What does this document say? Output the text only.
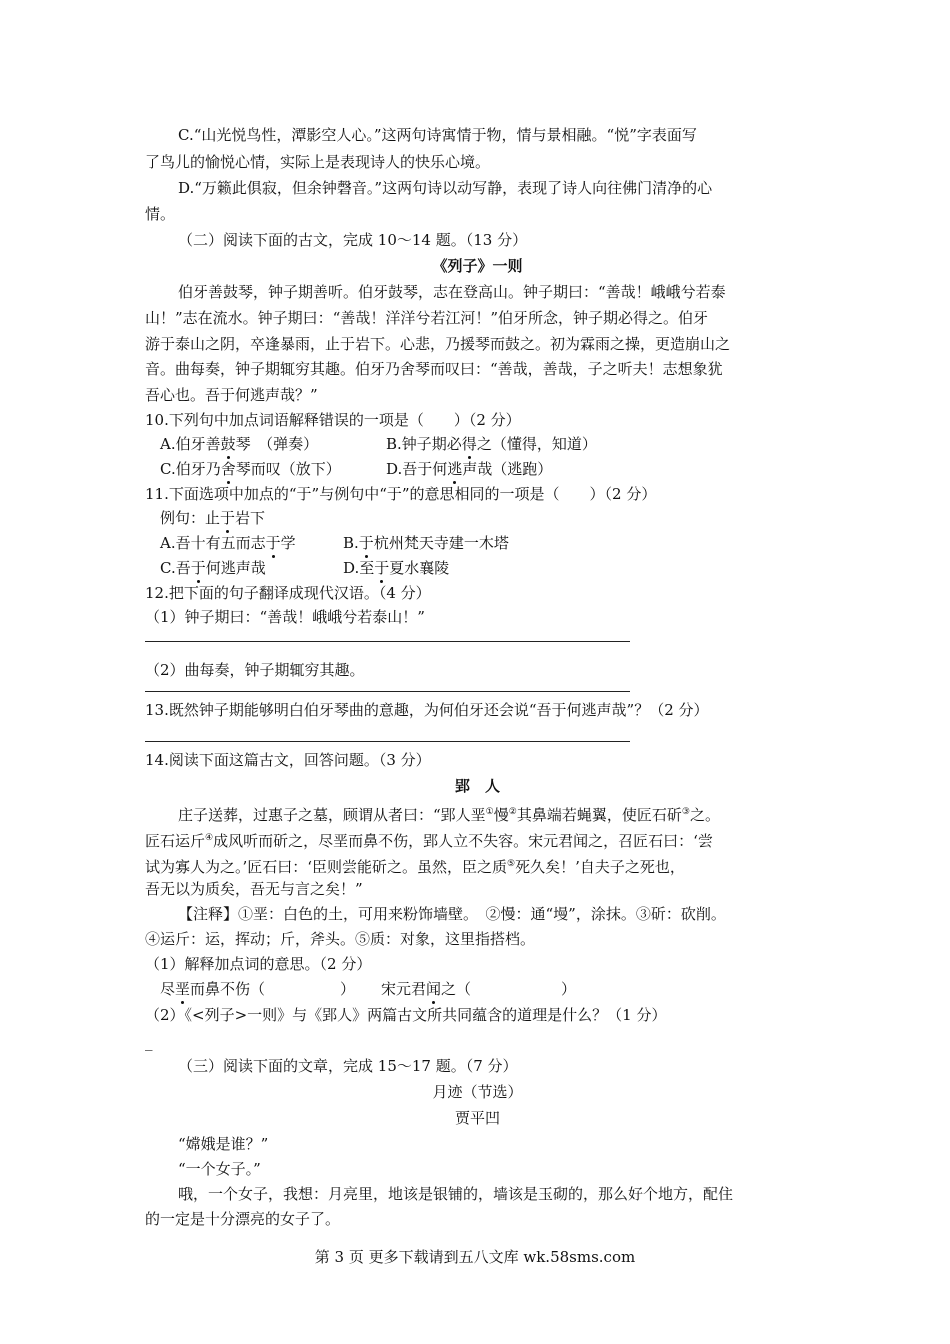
C.“山光悦鸟性，潭影空人心。”这两句诗寓情于物，情与景相融。“悦”字表面写
了鸟儿的愉悦心情，实际上是表现诗人的快乐心境。
D.“万籁此俱寂，但余钟磬音。”这两句诗以动写静，表现了诗人向往佛门清净的心
情。
（二）阅读下面的古文，完成 10～14 题。（13 分）
《列子》一则
伯牙善鼓琴，钟子期善听。伯牙鼓琴，志在登高山。钟子期曰：“善哉！峨峨兮若泰
山！”志在流水。钟子期曰：“善哉！洋洋兮若江河！”伯牙所念，钟子期必得之。伯牙
游于泰山之阴，卒逢暴雨，止于岩下。心悲，乃援琴而鼓之。初为霖雨之操，更造崩山之
音。曲每奏，钟子期辄穷其趣。伯牙乃舍琴而叹曰：“善哉，善哉，子之听夫！志想象犹
吾心也。吾于何逃声哉？”
10.下列句中加点词语解释错误的一项是（　　）（2 分）
A.伯牙善鼓琴　（弹奏）	B.钟子期必得之（懂得，知道）
C.伯牙乃舍琴而叹（放下）	D.吾于何逃声哉（逃跑）
11.下面选项中加点的“于”与例句中“于”的意思相同的一项是（　　）（2 分）
例句：止于岩下
A.吾十有五而志于学	B.于杭州梵天寺建一木塔
C.吾于何逃声哉	D.至于夏水襄陵
12.把下面的句子翻译成现代汉语。（4 分）
（1）钟子期曰：“善哉！峨峨兮若泰山！”
（2）曲每奏，钟子期辄穷其趣。
13.既然钟子期能够明白伯牙琴曲的意趣，为何伯牙还会说“吾于何逃声哉”？（2 分）
14.阅读下面这篇古文，回答问题。（3 分）
郢　人
庄子送葬，过惠子之墓，顾谓从者曰：“郢人垩①慢②其鼻端若蝇翼，使匠石斫③之。
匠石运斤④成风听而斫之，尽垩而鼻不伤，郢人立不失容。宋元君闻之，召匠石曰：‘尝
试为寡人为之。’匠石曰：‘臣则尝能斫之。虽然，臣之质⑤死久矣！’自夫子之死也，
吾无以为质矣，吾无与言之矣！”
【注释】①垩：白色的土，可用来粉饰墙壁。　②慢：通“墁”，涂抹。③斫：砍削。
④运斤：运，挥动；斤，斧头。⑤质：对象，这里指搭档。
（1）解释加点词的意思。（2 分）
尽垩而鼻不伤（　　　　　）	宋元君闻之（　　　　　　）
（2）《<列子>一则》与《郢人》两篇古文所共同蕴含的道理是什么？（1 分）
_
（三）阅读下面的文章，完成 15～17 题。（7 分）
月迹（节选）
贾平凹
“嫦娥是谁？”
“一个女子。”
哦，一个女子，我想：月亮里，地该是银铺的，墙该是玉砌的，那么好个地方，配住
的一定是十分漂亮的女子了。
第 3 页 更多下载请到五八文库 wk.58sms.com
